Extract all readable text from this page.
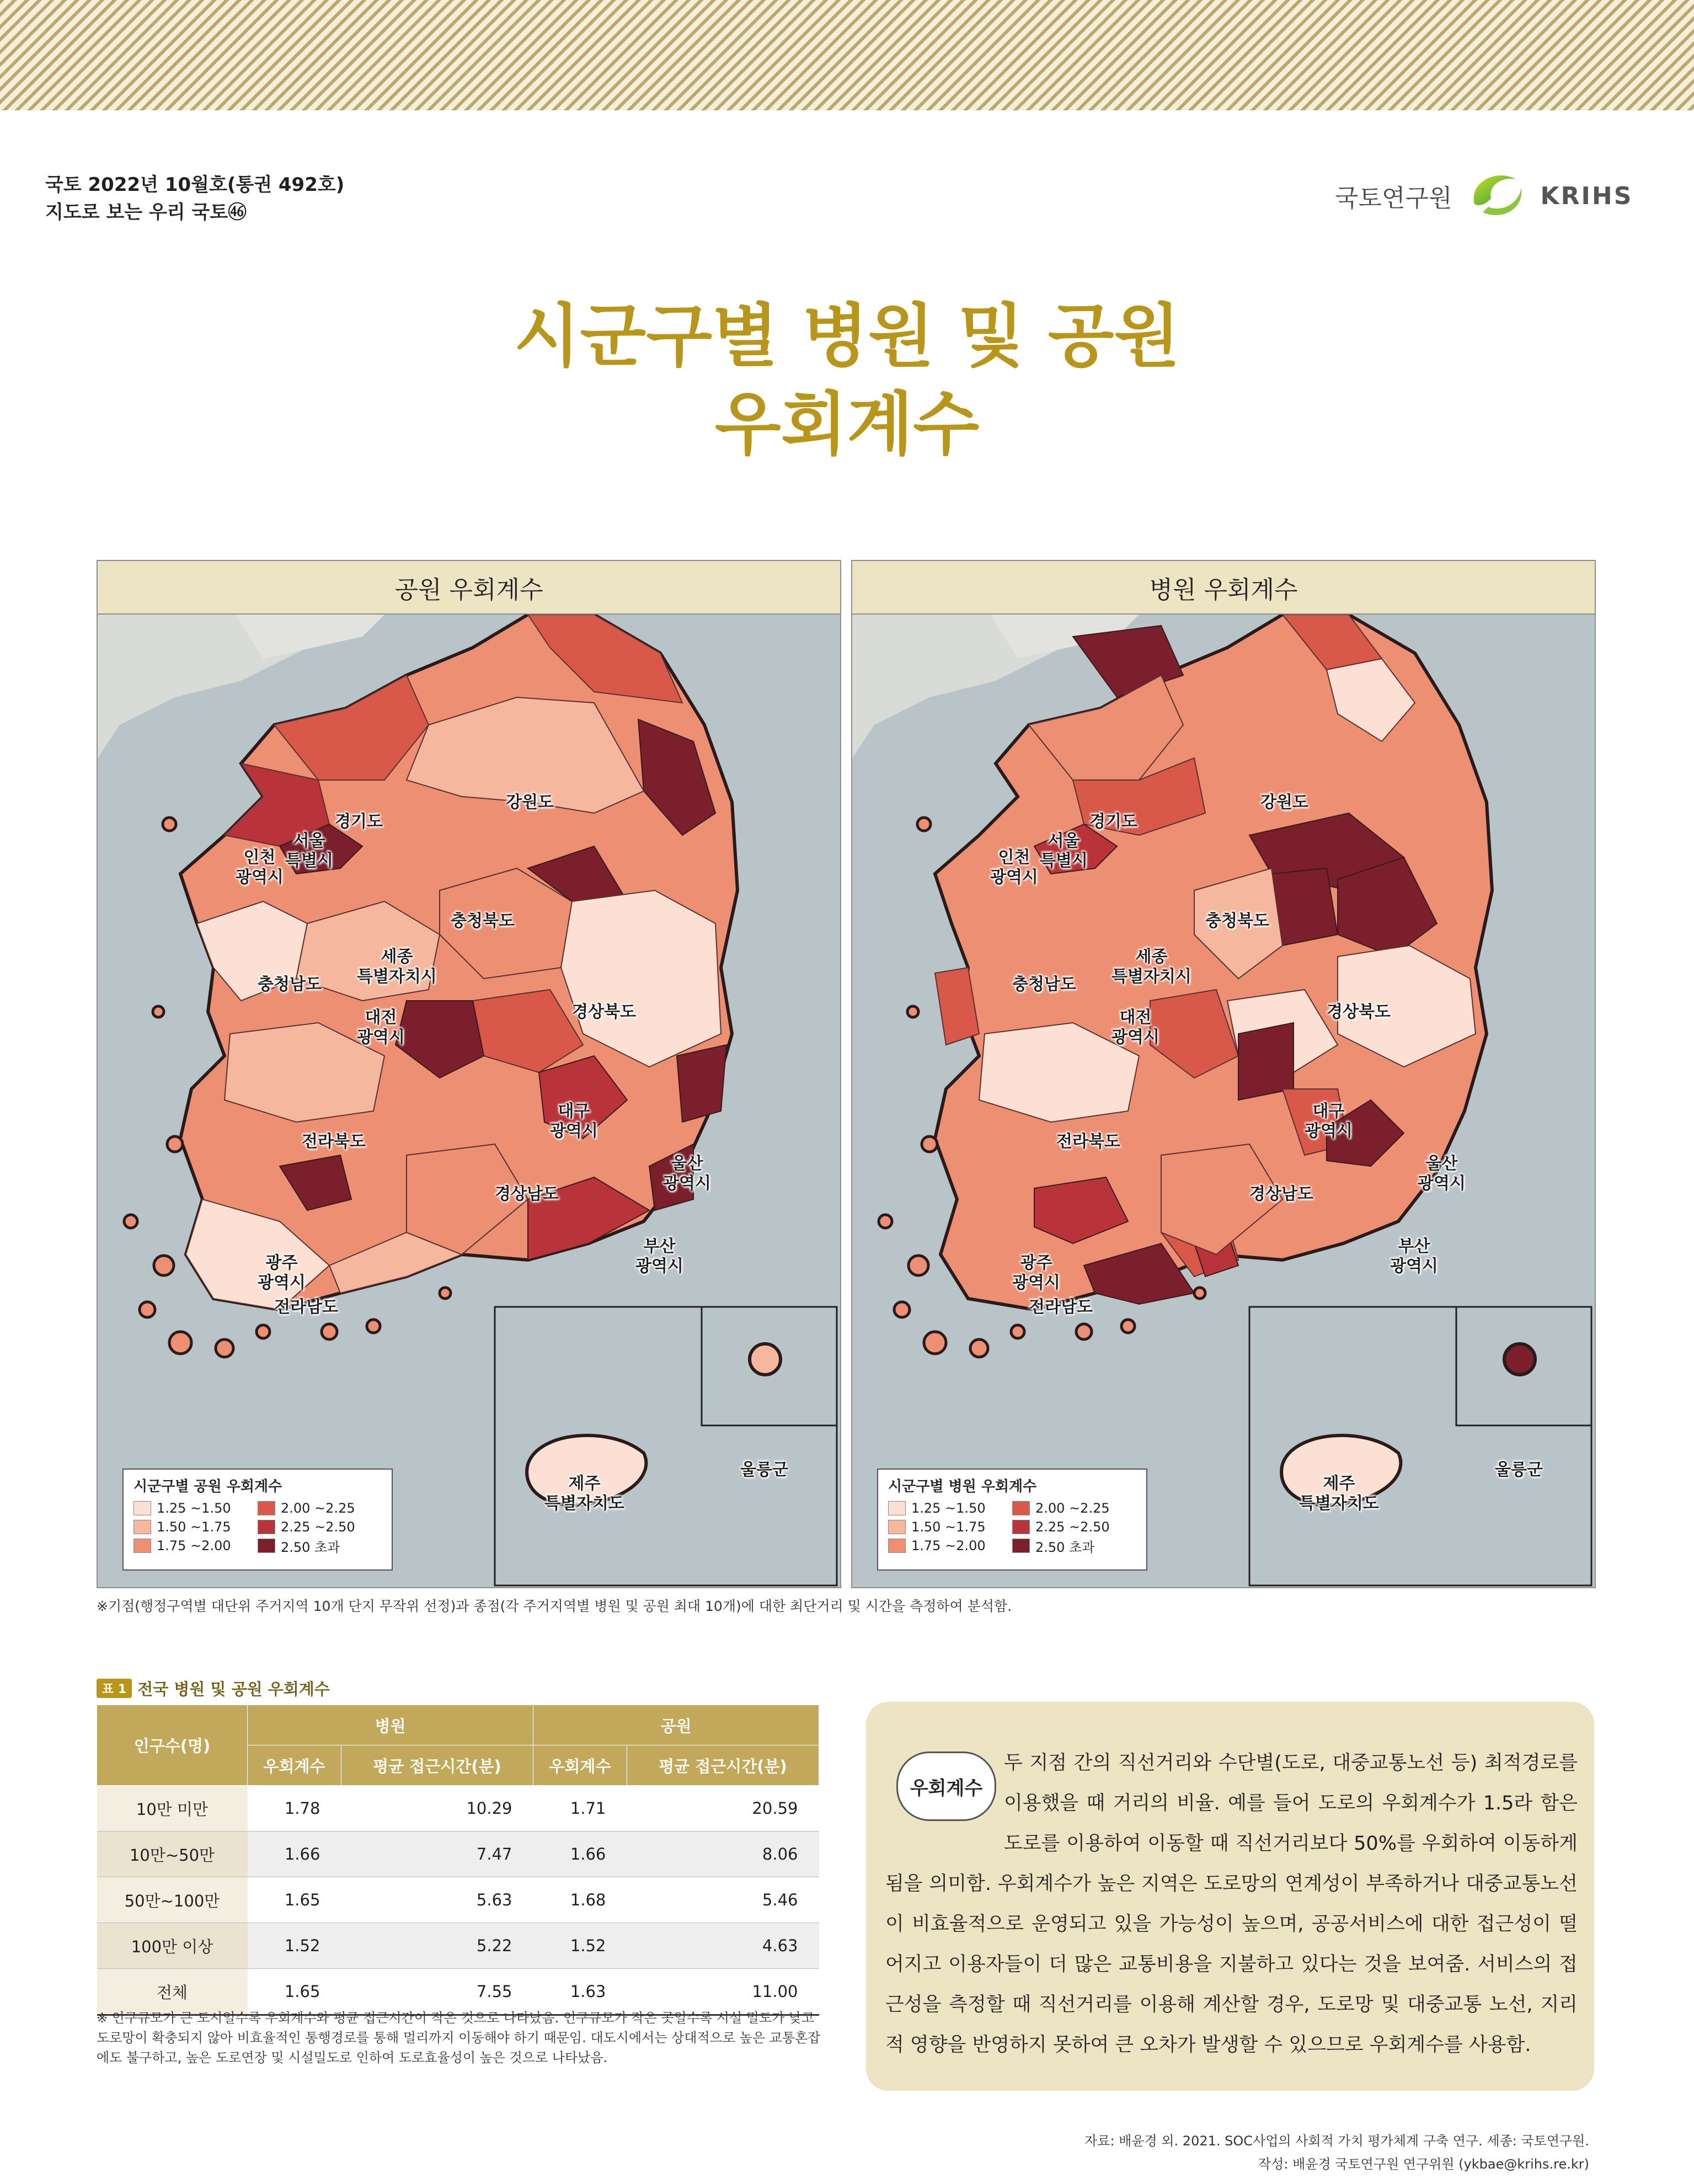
국토 2022년 10월호(통권 492호)
지도로 보는 우리 국토㊻	국토연구원	KRIHS
시군구별 병원 및 공원
우회계수
공원 우회계수
경기도
강원도
서울
특별시
인천
광역시
충청북도
세종
특별자치시
충청남도
대전
광역시
경상북도
대구
광역시
전라북도
울산
광역시
경상남도
부산
광역시
광주
광역시
전라남도
제주
특별자치도
울릉군
시군구별 공원 우회계수
1.25 ~1.50
1.50 ~1.75
1.75 ~2.00
2.00 ~2.25
2.25 ~2.50
2.50 초과
병원 우회계수
경기도
강원도
서울
특별시
인천
광역시
충청북도
세종
특별자치시
충청남도
대전
광역시
경상북도
대구
광역시
전라북도
울산
광역시
경상남도
부산
광역시
광주
광역시
전라남도
제주
특별자치도
울릉군
시군구별 병원 우회계수
1.25 ~1.50
1.50 ~1.75
1.75 ~2.00
2.00 ~2.25
2.25 ~2.50
2.50 초과
※기점(행정구역별 대단위 주거지역 10개 단지 무작위 선정)과 종점(각 주거지역별 병원 및 공원 최대 10개)에 대한 최단거리 및 시간을 측정하여 분석함.
표 1 전국 병원 및 공원 우회계수
인구수(명)	병원		공원	
	우회계수	평균 접근시간(분)	우회계수	평균 접근시간(분)
10만 미만	1.78	10.29	1.71	20.59
10만~50만	1.66	7.47	1.66	8.06
50만~100만	1.65	5.63	1.68	5.46
100만 이상	1.52	5.22	1.52	4.63
전체	1.65	7.55	1.63	11.00
※ 인구규모가 큰 도시일수록 우회계수와 평균 접근시간이 작은 것으로 나타났음. 인구규모가 작은 곳일수록 시설 밀도가 낮고 도로망이 확충되지 않아 비효율적인 통행경로를 통해 멀리까지 이동해야 하기 때문임. 대도시에서는 상대적으로 높은 교통혼잡에도 불구하고, 높은 도로연장 및 시설밀도로 인하여 도로효율성이 높은 것으로 나타났음.
두 지점 간의 직선거리와 수단별(도로, 대중교통노선 등) 최적경로를 이용했을 때 거리의 비율. 예를 들어 도로의 우회계수가 1.5라 함은 도로를 이용하여 이동할 때 직선거리보다 50%를 우회하여 이동하게 됨을 의미함. 우회계수가 높은 지역은 도로망의 연계성이 부족하거나 대중교통노선이 비효율적으로 운영되고 있을 가능성이 높으며, 공공서비스에 대한 접근성이 떨어지고 이용자들이 더 많은 교통비용을 지불하고 있다는 것을 보여줌. 서비스의 접근성을 측정할 때 직선거리를 이용해 계산할 경우, 도로망 및 대중교통 노선, 지리적 영향을 반영하지 못하여 큰 오차가 발생할 수 있으므로 우회계수를 사용함.
우회계수
자료: 배윤경 외. 2021. SOC사업의 사회적 가치 평가체계 구축 연구. 세종: 국토연구원.
작성: 배윤경 국토연구원 연구위원 (ykbae@krihs.re.kr)
